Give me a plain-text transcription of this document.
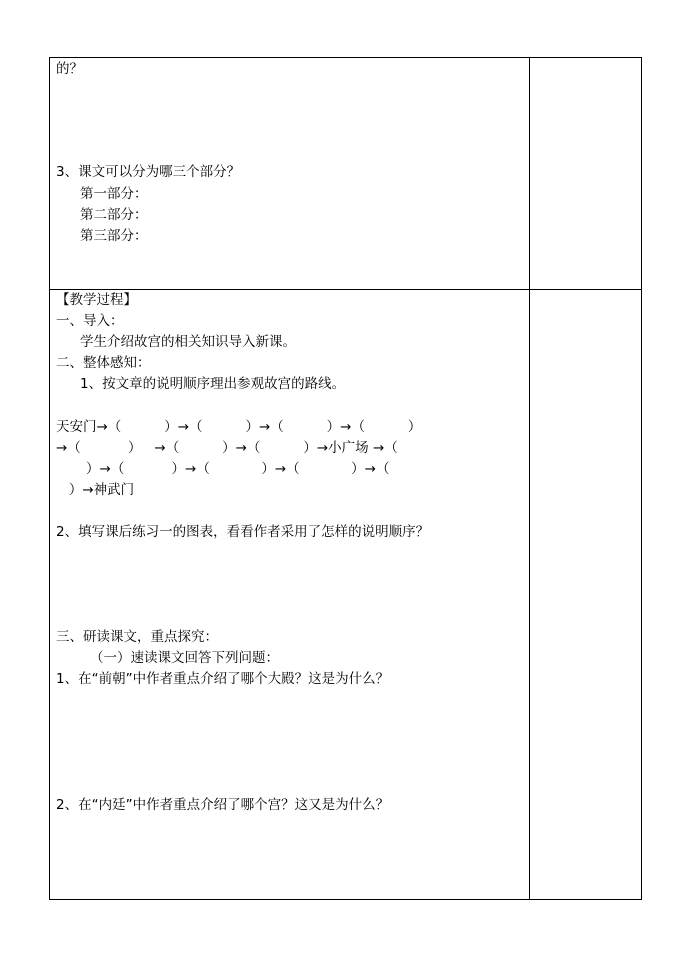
的？
3、课文可以分为哪三个部分？
第一部分：
第二部分：
第三部分：
【教学过程】
一、导入：
学生介绍故宫的相关知识导入新课。
二、整体感知：
1、按文章的说明顺序理出参观故宫的路线。
天安门→（          ）→（          ）→（          ）→（          ）
→（           ）   →（          ）→（          ）→小广场 →（
）→（           ）→（            ）→（            ）→（
）→神武门
2、填写课后练习一的图表，看看作者采用了怎样的说明顺序？
三、研读课文，重点探究：
（一）速读课文回答下列问题：
1、在“前朝”中作者重点介绍了哪个大殿？这是为什么？
2、在“内廷”中作者重点介绍了哪个宫？这又是为什么？
